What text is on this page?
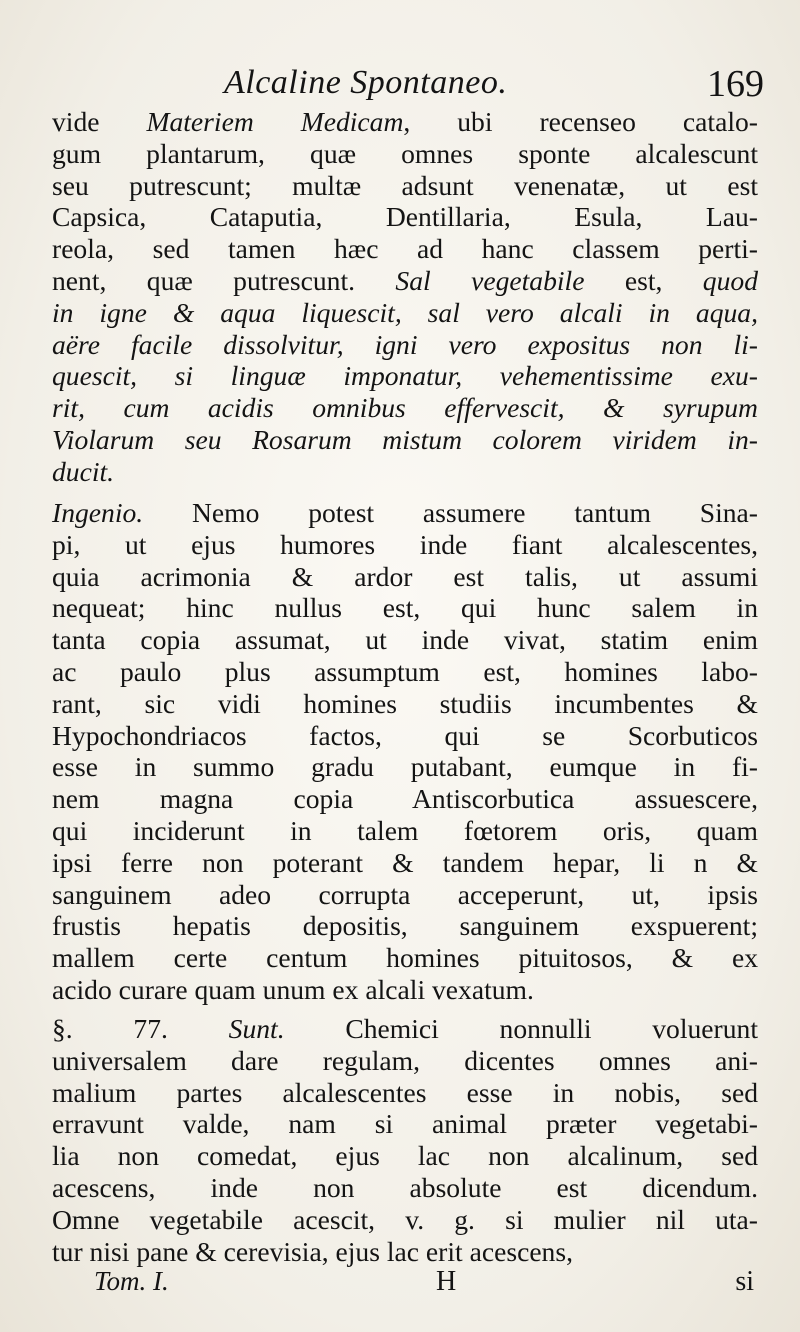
Alcaline Spontaneo.	169
vide Materiem Medicam, ubi recenseo catalo-
gum plantarum, quæ omnes sponte alcalescunt
seu putrescunt; multæ adsunt venenatæ, ut est
Capsica, Cataputia, Dentillaria, Esula, Lau-
reola, sed tamen hæc ad hanc classem perti-
nent, quæ putrescunt. Sal vegetabile est, quod
in igne & aqua liquescit, sal vero alcali in aqua,
aëre facile dissolvitur, igni vero expositus non li-
quescit, si linguæ imponatur, vehementissime exu-
rit, cum acidis omnibus effervescit, & syrupum
Violarum seu Rosarum mistum colorem viridem in-
ducit.
Ingenio. Nemo potest assumere tantum Sina-
pi, ut ejus humores inde fiant alcalescentes,
quia acrimonia & ardor est talis, ut assumi
nequeat; hinc nullus est, qui hunc salem in
tanta copia assumat, ut inde vivat, statim enim
ac paulo plus assumptum est, homines labo-
rant, sic vidi homines studiis incumbentes &
Hypochondriacos factos, qui se Scorbuticos
esse in summo gradu putabant, eumque in fi-
nem magna copia Antiscorbutica assuescere,
qui inciderunt in talem fœtorem oris, quam
ipsi ferre non poterant & tandem hepar, li n &
sanguinem adeo corrupta acceperunt, ut, ipsis
frustis hepatis depositis, sanguinem exspuerent;
mallem certe centum homines pituitosos, & ex
acido curare quam unum ex alcali vexatum.
§. 77. Sunt. Chemici nonnulli voluerunt
universalem dare regulam, dicentes omnes ani-
malium partes alcalescentes esse in nobis, sed
erravunt valde, nam si animal præter vegetabi-
lia non comedat, ejus lac non alcalinum, sed
acescens, inde non absolute est dicendum.
Omne vegetabile acescit, v. g. si mulier nil uta-
tur nisi pane & cerevisia, ejus lac erit acescens,
Tom. I.	H	si
